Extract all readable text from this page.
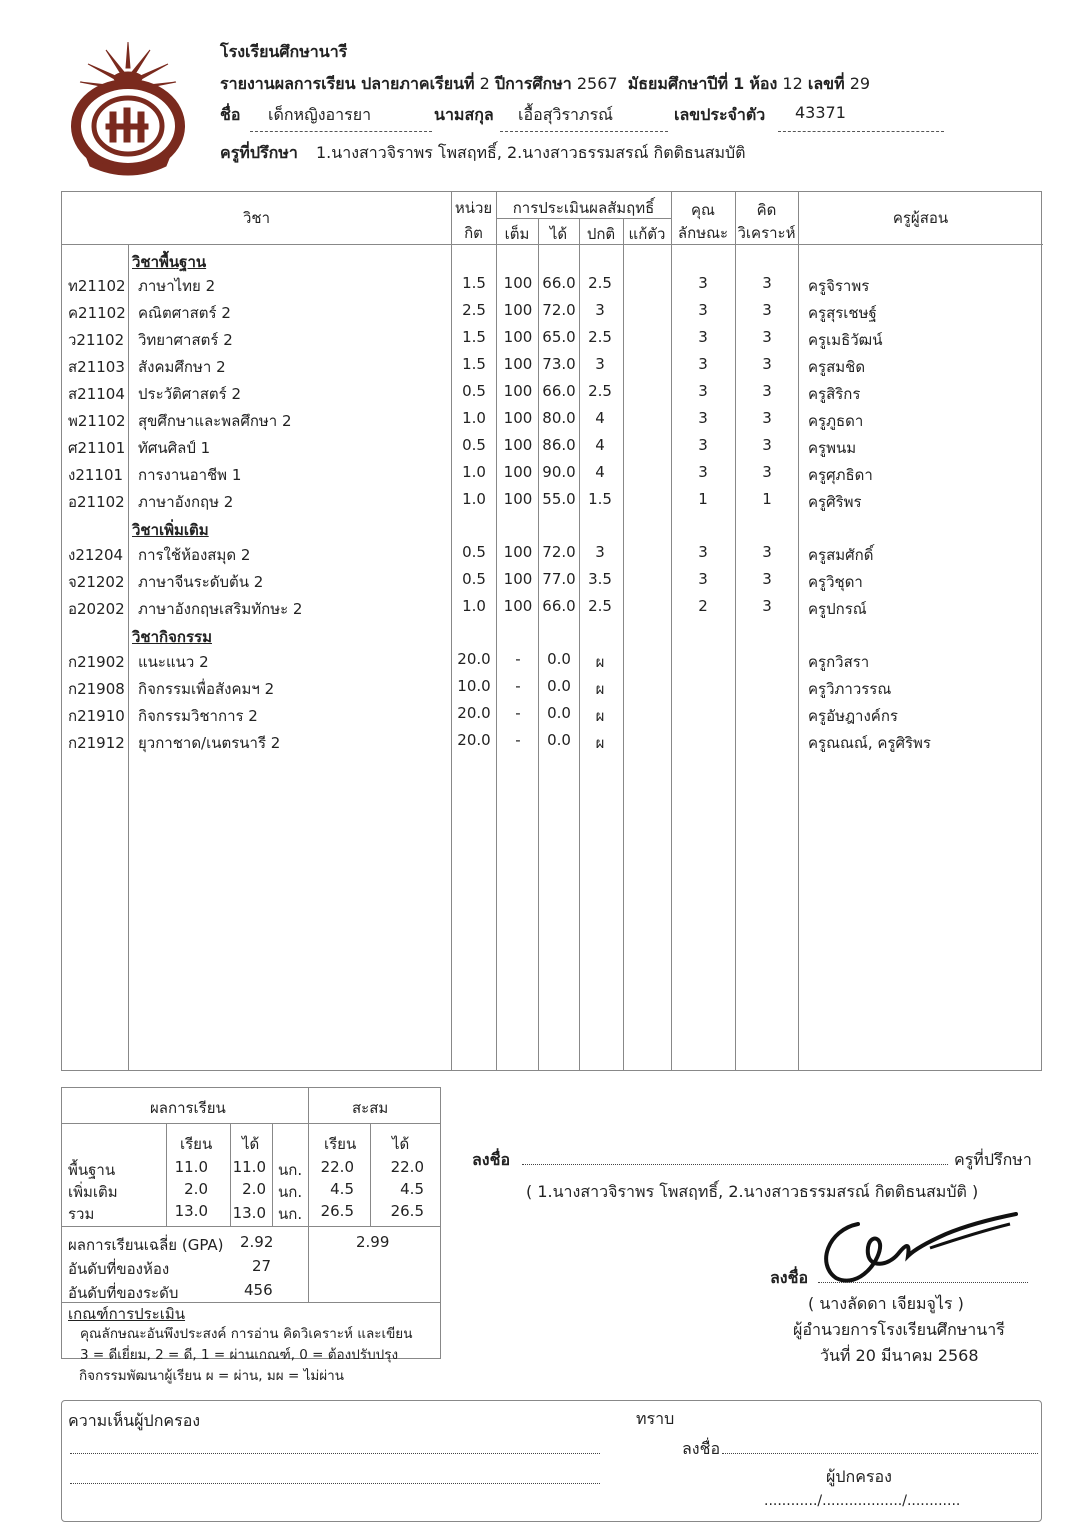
โรงเรียนศึกษานารี
รายงานผลการเรียน ปลายภาคเรียนที่ 2 ปีการศึกษา 2567 มัธยมศึกษาปีที่ 1 ห้อง 12 เลขที่ 29
ชื่อ เด็กหญิงอารยา	นามสกุล เอื้อสุวิราภรณ์	เลขประจำตัว 43371
ครูที่ปรึกษา 1.นางสาวจิราพร โพสฤทธิ์, 2.นางสาวธรรมสรณ์ กิตติธนสมบัติ
วิชา
หน่วย
กิต
การประเมินผลสัมฤทธิ์
เต็ม	ได้	ปกติ แก้ตัว
คุณ
ลักษณะ
คิด
วิเคราะห์
ครูผู้สอน
วิชาพื้นฐาน
ท21102 ภาษาไทย 2	1.5	100 66.0 2.5	3	3	ครูจิราพร
ค21102 คณิตศาสตร์ 2	2.5	100 72.0	3	3	3	ครูสุรเชษฐ์
ว21102 วิทยาศาสตร์ 2	1.5	100 65.0 2.5	3	3	ครูเมธิวัฒน์
ส21103 สังคมศึกษา 2	1.5	100 73.0	3	3	3	ครูสมชิด
ส21104 ประวัติศาสตร์ 2	0.5	100 66.0 2.5	3	3	ครูสิริกร
พ21102 สุขศึกษาและพลศึกษา 2	1.0	100 80.0	4	3	3	ครูภูธดา
ศ21101 ทัศนศิลป์ 1	0.5	100 86.0	4	3	3	ครูพนม
ง21101 การงานอาชีพ 1	1.0	100 90.0	4	3	3	ครูศุภธิดา
อ21102 ภาษาอังกฤษ 2	1.0	100 55.0 1.5	1	1	ครูศิริพร
วิชาเพิ่มเติม
ง21204 การใช้ห้องสมุด 2	0.5	100 72.0	3	3	3	ครูสมศักดิ์
จ21202 ภาษาจีนระดับต้น 2	0.5	100 77.0 3.5	3	3	ครูวิชุดา
อ20202 ภาษาอังกฤษเสริมทักษะ 2	1.0	100 66.0 2.5	2	3	ครูปกรณ์
วิชากิจกรรม
ก21902 แนะแนว 2	20.0	-	0.0	ผ	ครูกวิสรา
ก21908 กิจกรรมเพื่อสังคมฯ 2	10.0	-	0.0	ผ	ครูวิภาวรรณ
ก21910 กิจกรรมวิชาการ 2	20.0	-	0.0	ผ	ครูอัษฎางค์กร
ก21912 ยุวกาชาด/เนตรนารี 2	20.0	-	0.0	ผ	ครูณณณ์, ครูศิริพร
ผลการเรียน	สะสม
เรียน ได้	เรียน ได้
พื้นฐาน	11.0	11.0 นก.	22.0	22.0
เพิ่มเติม	2.0	2.0 นก.	4.5	4.5
รวม	13.0	13.0 นก.	26.5	26.5
ผลการเรียนเฉลี่ย (GPA) 2.92	2.99
อันดับที่ของห้อง	27
อันดับที่ของระดับ	456
เกณฑ์การประเมิน
คุณลักษณะอันพึงประสงค์ การอ่าน คิดวิเคราะห์ และเขียน
3 = ดีเยี่ยม, 2 = ดี, 1 = ผ่านเกณฑ์, 0 = ต้องปรับปรุง
กิจกรรมพัฒนาผู้เรียน ผ = ผ่าน, มผ = ไม่ผ่าน
ลงชื่อ	ครูที่ปรึกษา
( 1.นางสาวจิราพร โพสฤทธิ์, 2.นางสาวธรรมสรณ์ กิตติธนสมบัติ )
ลงชื่อ
( นางลัดดา เจียมจูไร )
ผู้อำนวยการโรงเรียนศึกษานารี
วันที่ 20 มีนาคม 2568
ความเห็นผู้ปกครอง	ทราบ
ลงชื่อ
ผู้ปกครอง
............/................../............
